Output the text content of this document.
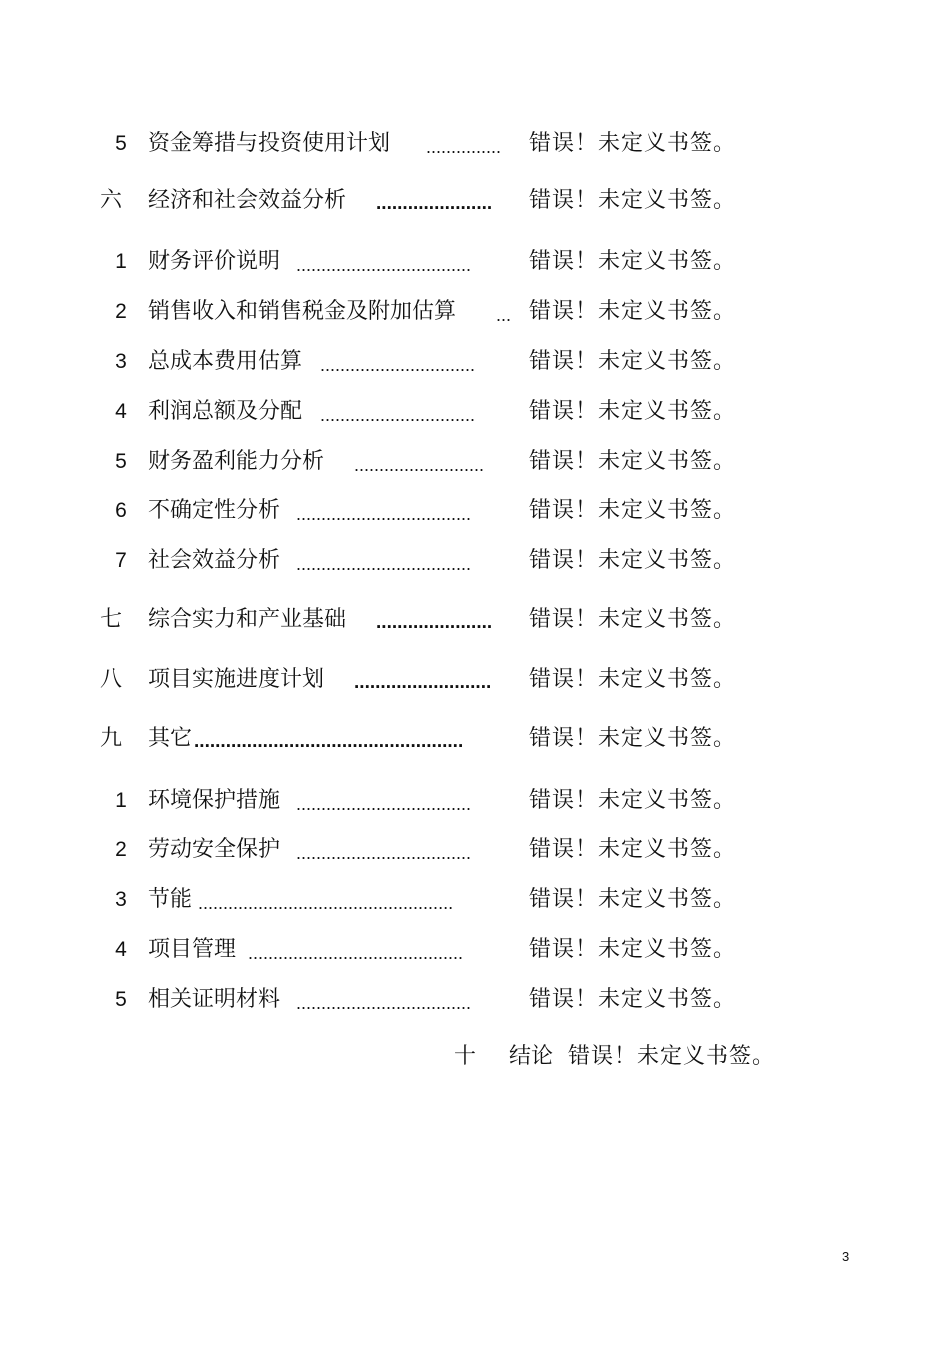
5 资金筹措与投资使用计划 ...............	错误！未定义书签。
六 经济和社会效益分析 ......................	错误！未定义书签。
1 财务评价说明 ...................................	错误！未定义书签。
2 销售收入和销售税金及附加估算 ... 错误！未定义书签。
3 总成本费用估算 ...............................	错误！未定义书签。
4 利润总额及分配 ...............................	错误！未定义书签。
5 财务盈利能力分析 ..........................	错误！未定义书签。
6 不确定性分析 ...................................	错误！未定义书签。
7 社会效益分析 ...................................	错误！未定义书签。
七 综合实力和产业基础 ......................	错误！未定义书签。
八 项目实施进度计划 ..........................	错误！未定义书签。
九 其它 ...................................................	错误！未定义书签。
1 环境保护措施 ...................................	错误！未定义书签。
2 劳动安全保护 ...................................	错误！未定义书签。
3 节能 ...................................................	错误！未定义书签。
4 项目管理 ...........................................	错误！未定义书签。
5 相关证明材料 ...................................	错误！未定义书签。
十 结论 错误！未定义书签。
3
